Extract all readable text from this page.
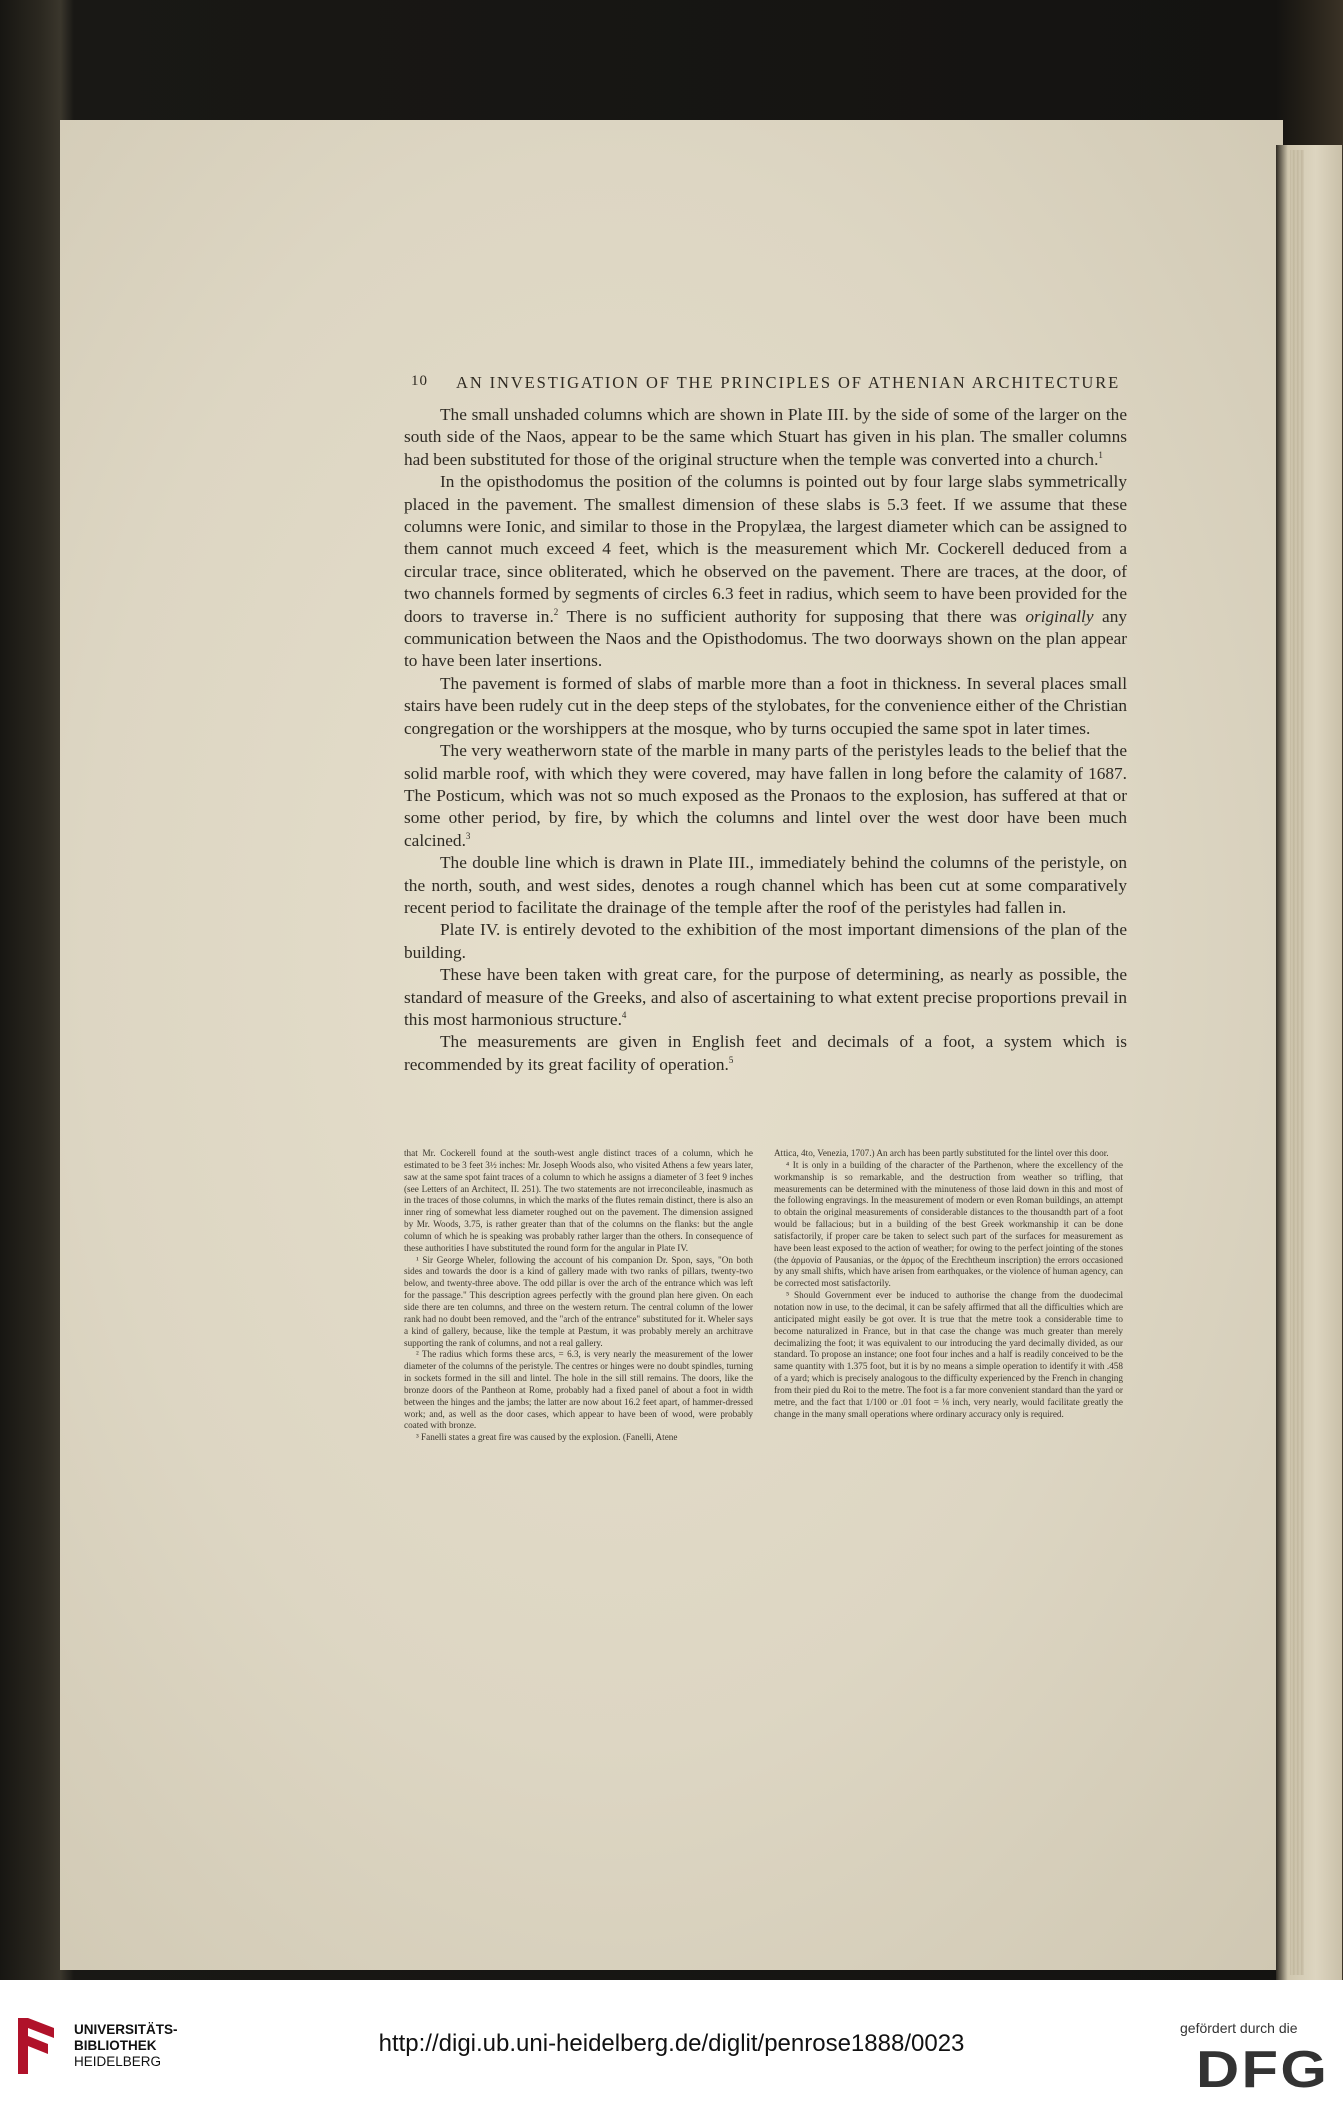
10 AN INVESTIGATION OF THE PRINCIPLES OF ATHENIAN ARCHITECTURE

The small unshaded columns which are shown in Plate III. by the side of some of the larger on the south side of the Naos, appear to be the same which Stuart has given in his plan. The smaller columns had been substituted for those of the original structure when the temple was converted into a church.$^1$

In the opisthodomus the position of the columns is pointed out by four large slabs symmetrically placed in the pavement. The smallest dimension of these slabs is 5.3 feet. If we assume that these columns were Ionic, and similar to those in the Propylæa, the largest diameter which can be assigned to them cannot much exceed 4 feet, which is the measurement which Mr. Cockerell deduced from a circular trace, since obliterated, which he observed on the pavement. There are traces, at the door, of two channels formed by segments of circles 6.3 feet in radius, which seem to have been provided for the doors to traverse in.$^2$ There is no sufficient authority for supposing that there was originally any communication between the Naos and the Opisthodomus. The two doorways shown on the plan appear to have been later insertions.

The pavement is formed of slabs of marble more than a foot in thickness. In several places small stairs have been rudely cut in the deep steps of the stylobates, for the convenience either of the Christian congregation or the worshippers at the mosque, who by turns occupied the same spot in later times.

The very weatherworn state of the marble in many parts of the peristyles leads to the belief that the solid marble roof, with which they were covered, may have fallen in long before the calamity of 1687. The Posticum, which was not so much exposed as the Pronaos to the explosion, has suffered at that or some other period, by fire, by which the columns and lintel over the west door have been much calcined.$^3$

The double line which is drawn in Plate III., immediately behind the columns of the peristyle, on the north, south, and west sides, denotes a rough channel which has been cut at some comparatively recent period to facilitate the drainage of the temple after the roof of the peristyles had fallen in.

Plate IV. is entirely devoted to the exhibition of the most important dimensions of the plan of the building.

These have been taken with great care, for the purpose of determining, as nearly as possible, the standard of measure of the Greeks, and also of ascertaining to what extent precise proportions prevail in this most harmonious structure.$^4$

The measurements are given in English feet and decimals of a foot, a system which is recommended by its great facility of operation.$^5$

that Mr. Cockerell found at the south-west angle distinct traces of a column, which he estimated to be 3 feet 3½ inches: Mr. Joseph Woods also, who visited Athens a few years later, saw at the same spot faint traces of a column to which he assigns a diameter of 3 feet 9 inches (see Letters of an Architect, II. 251). The two statements are not irreconcileable, inasmuch as in the traces of those columns, in which the marks of the flutes remain distinct, there is also an inner ring of somewhat less diameter roughed out on the pavement. The dimension assigned by Mr. Woods, 3.75, is rather greater than that of the columns on the flanks: but the angle column of which he is speaking was probably rather larger than the others. In consequence of these authorities I have substituted the round form for the angular in Plate IV.

¹ Sir George Wheler, following the account of his companion Dr. Spon, says, "On both sides and towards the door is a kind of gallery made with two ranks of pillars, twenty-two below, and twenty-three above. The odd pillar is over the arch of the entrance which was left for the passage." This description agrees perfectly with the ground plan here given. On each side there are ten columns, and three on the western return. The central column of the lower rank had no doubt been removed, and the "arch of the entrance" substituted for it. Wheler says a kind of gallery, because, like the temple at Pæstum, it was probably merely an architrave supporting the rank of columns, and not a real gallery.

² The radius which forms these arcs, = 6.3, is very nearly the measurement of the lower diameter of the columns of the peristyle. The centres or hinges were no doubt spindles, turning in sockets formed in the sill and lintel. The hole in the sill still remains. The doors, like the bronze doors of the Pantheon at Rome, probably had a fixed panel of about a foot in width between the hinges and the jambs; the latter are now about 16.2 feet apart, of hammer-dressed work; and, as well as the door cases, which appear to have been of wood, were probably coated with bronze.

³ Fanelli states a great fire was caused by the explosion. (Fanelli, Atene

Attica, 4to, Venezia, 1707.) An arch has been partly substituted for the lintel over this door.

⁴ It is only in a building of the character of the Parthenon, where the excellency of the workmanship is so remarkable, and the destruction from weather so trifling, that measurements can be determined with the minuteness of those laid down in this and most of the following engravings. In the measurement of modern or even Roman buildings, an attempt to obtain the original measurements of considerable distances to the thousandth part of a foot would be fallacious; but in a building of the best Greek workmanship it can be done satisfactorily, if proper care be taken to select such part of the surfaces for measurement as have been least exposed to the action of weather; for owing to the perfect jointing of the stones (the ἁρμονία of Pausanias, or the ἁρμος of the Erechtheum inscription) the errors occasioned by any small shifts, which have arisen from earthquakes, or the violence of human agency, can be corrected most satisfactorily.

⁵ Should Government ever be induced to authorise the change from the duodecimal notation now in use, to the decimal, it can be safely affirmed that all the difficulties which are anticipated might easily be got over. It is true that the metre took a considerable time to become naturalized in France, but in that case the change was much greater than merely decimalizing the foot; it was equivalent to our introducing the yard decimally divided, as our standard. To propose an instance; one foot four inches and a half is readily conceived to be the same quantity with 1.375 foot, but it is by no means a simple operation to identify it with .458 of a yard; which is precisely analogous to the difficulty experienced by the French in changing from their pied du Roi to the metre. The foot is a far more convenient standard than the yard or metre, and the fact that 1/100 or .01 foot = ⅛ inch, very nearly, would facilitate greatly the change in the many small operations where ordinary accuracy only is required.

UNIVERSITÄTS-
BIBLIOTHEK
HEIDELBERG
http://digi.ub.uni-heidelberg.de/diglit/penrose1888/0023
gefördert durch die
DFG
